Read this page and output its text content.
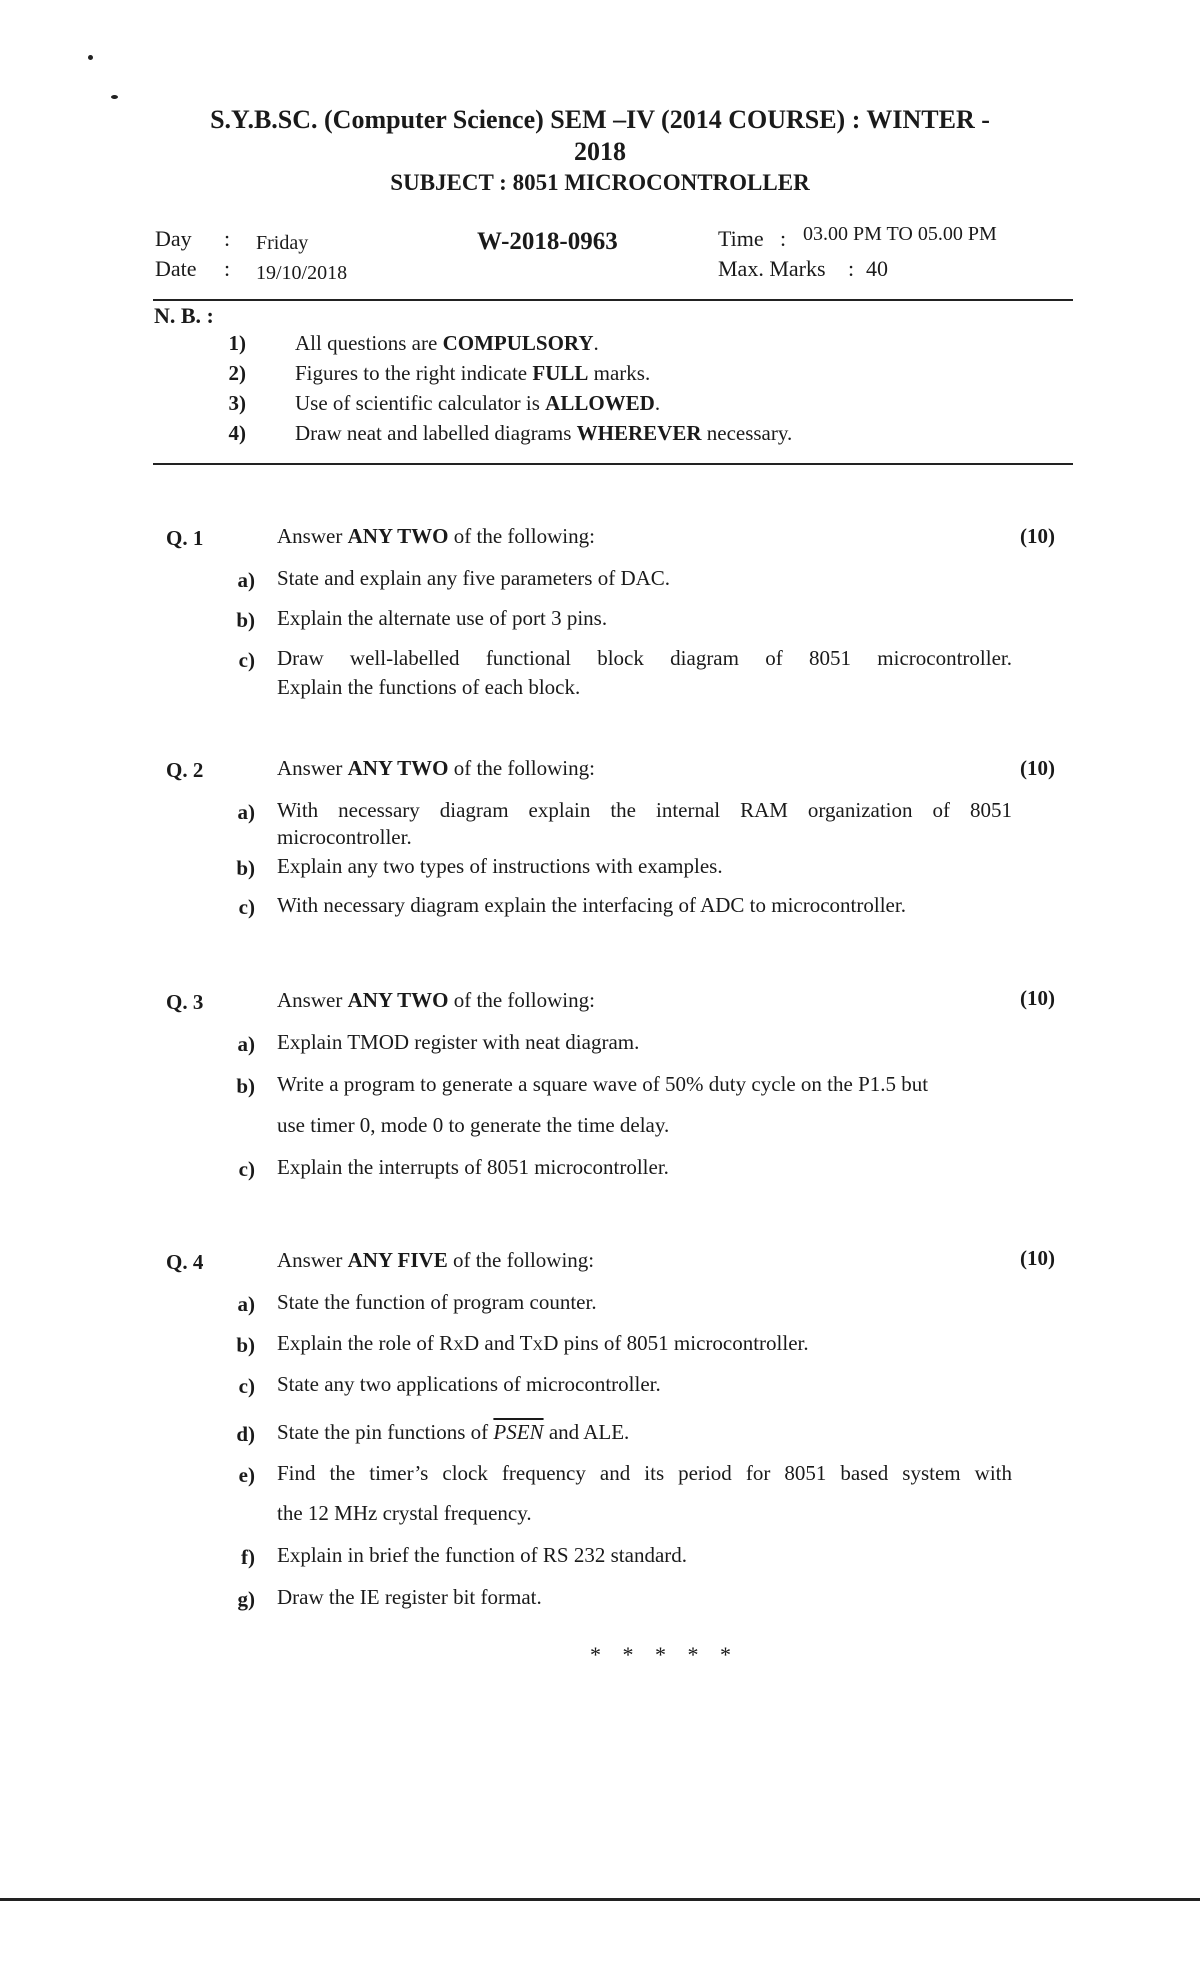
S.Y.B.SC. (Computer Science) SEM –IV (2014 COURSE) : WINTER -
2018
SUBJECT : 8051 MICROCONTROLLER
Day : Friday
Date : 19/10/2018
W-2018-0963	Time : 03.00 PM TO 05.00 PM
Max. Marks : 40
N. B. :
1) All questions are COMPULSORY.
2) Figures to the right indicate FULL marks.
3) Use of scientific calculator is ALLOWED.
4) Draw neat and labelled diagrams WHEREVER necessary.
Q. 1	Answer ANY TWO of the following:	(10)
a) State and explain any five parameters of DAC.
b) Explain the alternate use of port 3 pins.
c) Draw well-labelled functional block diagram of 8051 microcontroller.
Explain the functions of each block.
Q. 2	Answer ANY TWO of the following:	(10)
a) With necessary diagram explain the internal RAM organization of 8051
microcontroller.
b) Explain any two types of instructions with examples.
c) With necessary diagram explain the interfacing of ADC to microcontroller.
Q. 3	Answer ANY TWO of the following:	(10)
a) Explain TMOD register with neat diagram.
b) Write a program to generate a square wave of 50% duty cycle on the P1.5 but
use timer 0, mode 0 to generate the time delay.
c) Explain the interrupts of 8051 microcontroller.
Q. 4	Answer ANY FIVE of the following:	(10)
a) State the function of program counter.
b) Explain the role of RXD and TXD pins of 8051 microcontroller.
c) State any two applications of microcontroller.
d) State the pin functions of PSEN and ALE.
e) Find the timer’s clock frequency and its period for 8051 based system with
the 12 MHz crystal frequency.
f) Explain in brief the function of RS 232 standard.
g) Draw the IE register bit format.
* * * * *
